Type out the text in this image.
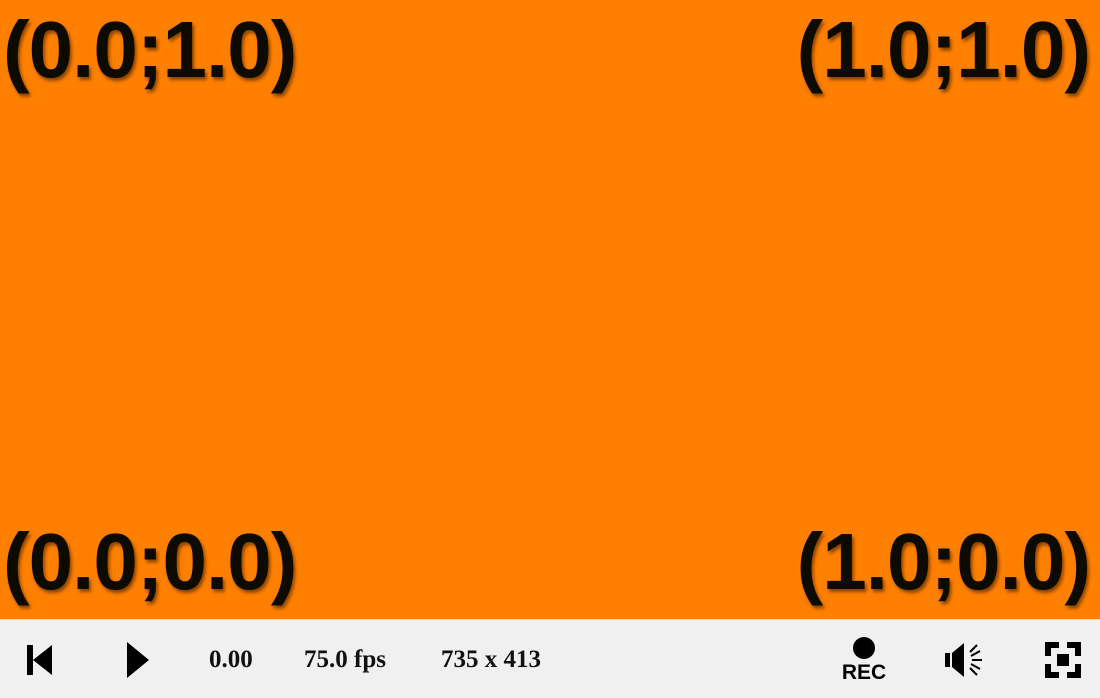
(0.0;1.0)	(1.0;1.0)
(0.0;0.0)	(1.0;0.0)
0.00 75.0 fps 735 x 413	REC
